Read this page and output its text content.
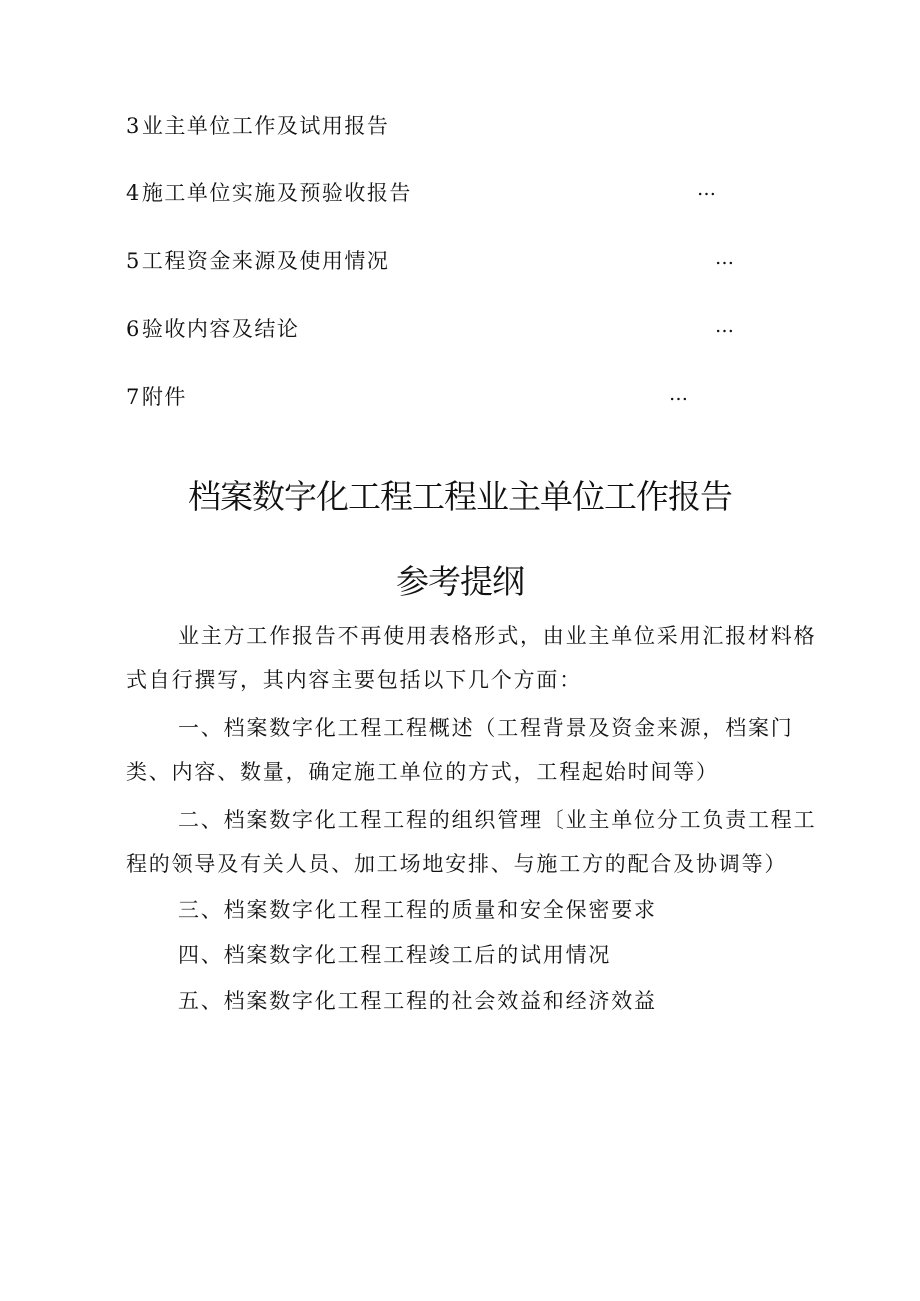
3业主单位工作及试用报告
4施工单位实施及预验收报告	…
5工程资金来源及使用情况	…
6验收内容及结论	…
7附件	…
档案数字化工程工程业主单位工作报告
参考提纲

业主方工作报告不再使用表格形式，由业主单位采用汇报材料格式自行撰写，其内容主要包括以下几个方面：

一、档案数字化工程工程概述（工程背景及资金来源，档案门类、内容、数量，确定施工单位的方式，工程起始时间等）

二、档案数字化工程工程的组织管理〔业主单位分工负责工程工程的领导及有关人员、加工场地安排、与施工方的配合及协调等）

三、档案数字化工程工程的质量和安全保密要求
四、档案数字化工程工程竣工后的试用情况
五、档案数字化工程工程的社会效益和经济效益
